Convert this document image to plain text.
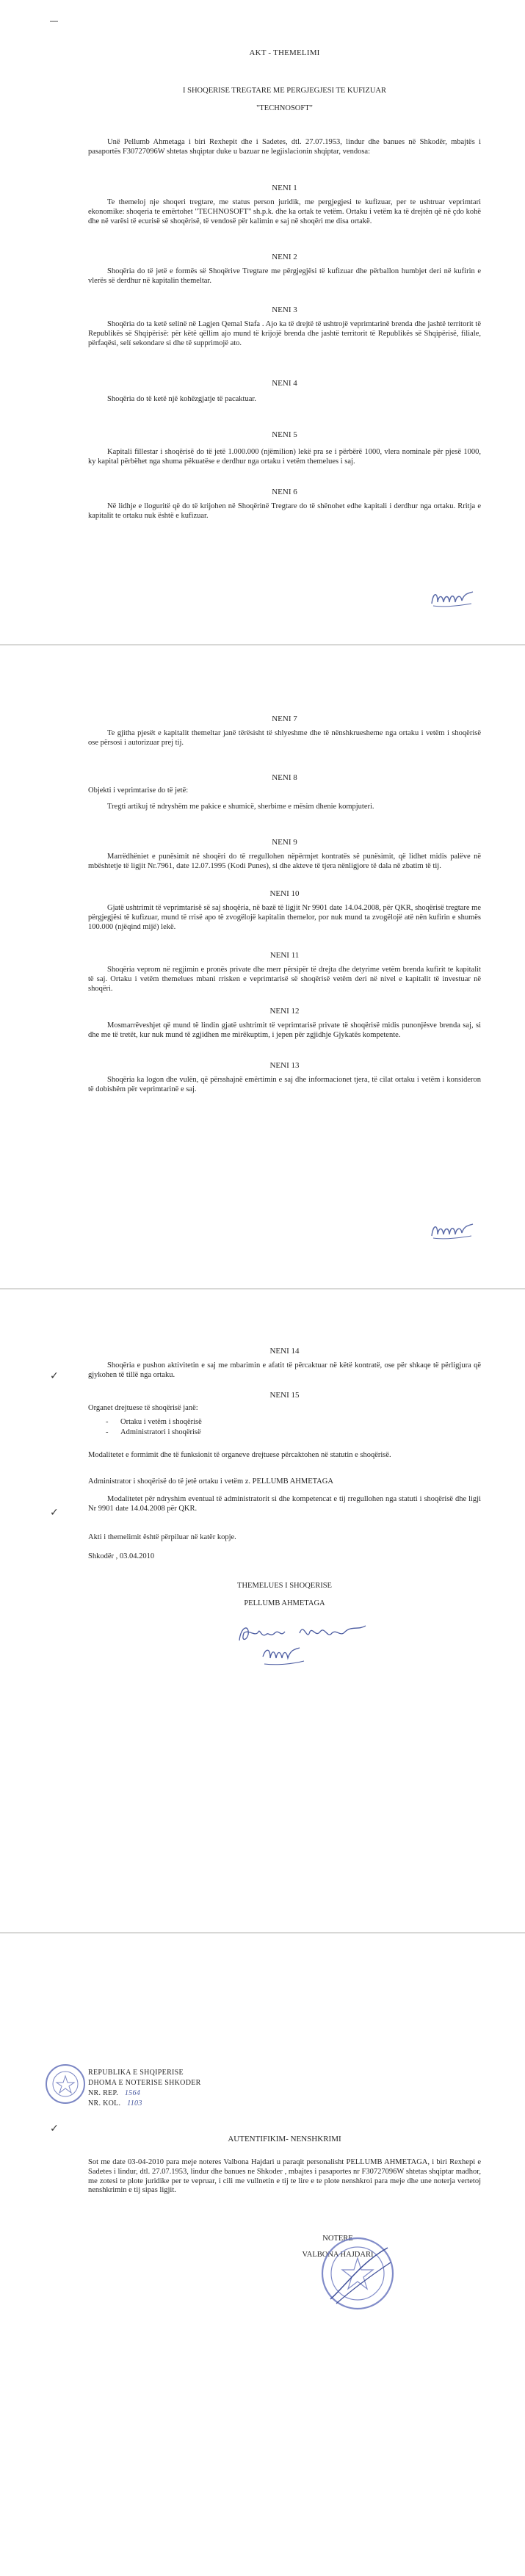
―
AKT - THEMELIMI
I SHOQERISE TREGTARE ME PERGJEGJESI TE KUFIZUAR
"TECHNOSOFT"

Unë Pellumb Ahmetaga i biri Rexhepit dhe i Sadetes, dtl. 27.07.1953, lindur dhe banues në Shkodër, mbajtës i pasaportës F30727096W shtetas shqiptar duke u bazuar ne legjislacionin shqiptar, vendosa:

NENI 1

Te themeloj nje shoqeri tregtare, me status person juridik, me pergjegjesi te kufizuar, per te ushtruar veprimtari ekonomike: shoqeria te emërtohet "TECHNOSOFT" sh.p.k. dhe ka ortak te vetëm. Ortaku i vetëm ka të drejtën që në çdo kohë dhe në varësi të ecurisë së shoqërisë, të vendosë për kalimin e saj në shoqëri me disa ortakë.

NENI 2

Shoqëria do të jetë e formës së Shoqërive Tregtare me përgjegjësi të kufizuar dhe përballon humbjet deri në kufirin e vlerës së derdhur në kapitalin themeltar.

NENI 3

Shoqëria do ta ketë selinë në Lagjen Qemal Stafa . Ajo ka të drejtë të ushtrojë veprimtarinë brenda dhe jashtë territorit të Republikës së Shqipërisë: për këtë qëllim ajo mund të krijojë brenda dhe jashtë territorit të Republikës së Shqipërisë, filiale, përfaqësi, selí sekondare si dhe të supprimojë ato.

NENI 4

Shoqëria do të ketë një kohëzgjatje të pacaktuar.

NENI 5

Kapitali fillestar i shoqërisë do të jetë 1.000.000 (njëmilion) lekë pra se i përbërë 1000, vlera nominale për pjesë 1000, ky kapital përbëhet nga shuma pëkuatëse e derdhur nga ortaku i vetëm themelues i saj.

NENI 6

Në lidhje e lloguritë që do të krijohen në Shoqërinë Tregtare do të shënohet edhe kapitali i derdhur nga ortaku. Rritja e kapitalit te ortaku nuk është e kufizuar.

NENI 7

Te gjitha pjesët e kapitalit themeltar janë tërësisht të shlyeshme dhe të nënshkruesheme nga ortaku i vetëm i shoqërisë ose përsosi i autorizuar prej tij.

NENI 8

Objekti i veprimtarise do të jetë:

Tregti artikuj të ndryshëm me pakice e shumicë, sherbime e mësim dhenie kompjuteri.

NENI 9

Marrëdhëniet e punësimit në shoqëri do të rregullohen nëpërmjet kontratës së punësimit, që lidhet midis palëve në mbështetje të ligjit Nr.7961, date 12.07.1995 (Kodi Punes), si dhe akteve të tjera nënligjore të dala në zbatim të tij.

NENI 10

Gjatë ushtrimit të veprimtarisë së saj shoqëria, në bazë të ligjit Nr 9901 date 14.04.2008, për QKR, shoqërisë tregtare me përgjegjësi të kufizuar, mund të rrisë apo të zvogëlojë kapitalin themelor, por nuk mund ta zvogëlojë atë nën kufirin e shumës 100.000 (njëqind mijë) lekë.

NENI 11

Shoqëria veprom në regjimin e pronës private dhe merr përsipër të drejta dhe detyrime vetëm brenda kufirit te kapitalit të saj. Ortaku i vetëm themelues mbani rrisken e veprimtarisë së shoqërisë vetëm deri në nivel e kapitalit të investuar në shoqëri.

NENI 12

Mosmarrëveshjet që mund të lindin gjatë ushtrimit të veprimtarisë private të shoqërisë midis punonjësve brenda saj, si dhe me të tretët, kur nuk mund të zgjidhen me mirëkuptim, i jepen për zgjidhje Gjykatës kompetente.

NENI 13

Shoqëria ka logon dhe vulën, që përsshajnë emërtimin e saj dhe informacionet tjera, të cilat ortaku i vetëm i konsideron të dobishëm për veprimtarinë e saj.

NENI 14

Shoqëria e pushon aktivitetin e saj me mbarimin e afatit të përcaktuar në këtë kontratë, ose për shkaqe të përligjura që gjykohen të tillë nga ortaku.

NENI 15

Organet drejtuese të shoqërisë janë:

- Ortaku i vetëm i shoqërisë
- Administratori i shoqërisë

Modalitetet e formimit dhe të funksionit të organeve drejtuese përcaktohen në statutin e shoqërisë.

Administrator i shoqërisë do të jetë ortaku i vetëm z. PELLUMB AHMETAGA

Modalitetet për ndryshim eventual të administratorit si dhe kompetencat e tij rregullohen nga statuti i shoqërisë dhe ligji Nr 9901 date 14.04.2008 për QKR.

Akti i themelimit është përpiluar në katër kopje.

Shkodër , 03.04.2010

THEMELUES I SHOQERISE
PELLUMB AHMETAGA
✓
✓
REPUBLIKA E SHQIPERISE
DHOMA E NOTERISE SHKODER
NR. REP. 1564
NR. KOL. 1103
AUTENTIFIKIM- NENSHKRIMI

Sot me date 03-04-2010 para meje noteres Valbona Hajdari u paraqit personalisht PELLUMB AHMETAGA, i biri Rexhepi e Sadetes i lindur, dtl. 27.07.1953, lindur dhe banues ne Shkoder , mbajtes i pasaportes nr F30727096W shtetas shqiptar madhor, me zotesi te plote juridike per te vepruar, i cili me vullnetin e tij te lire e te plote nenshkroi para meje dhe une noterja vertetoj nenshkrimin e tij sipas ligjit.

NOTERE
VALBONA HAJDARI
✓
